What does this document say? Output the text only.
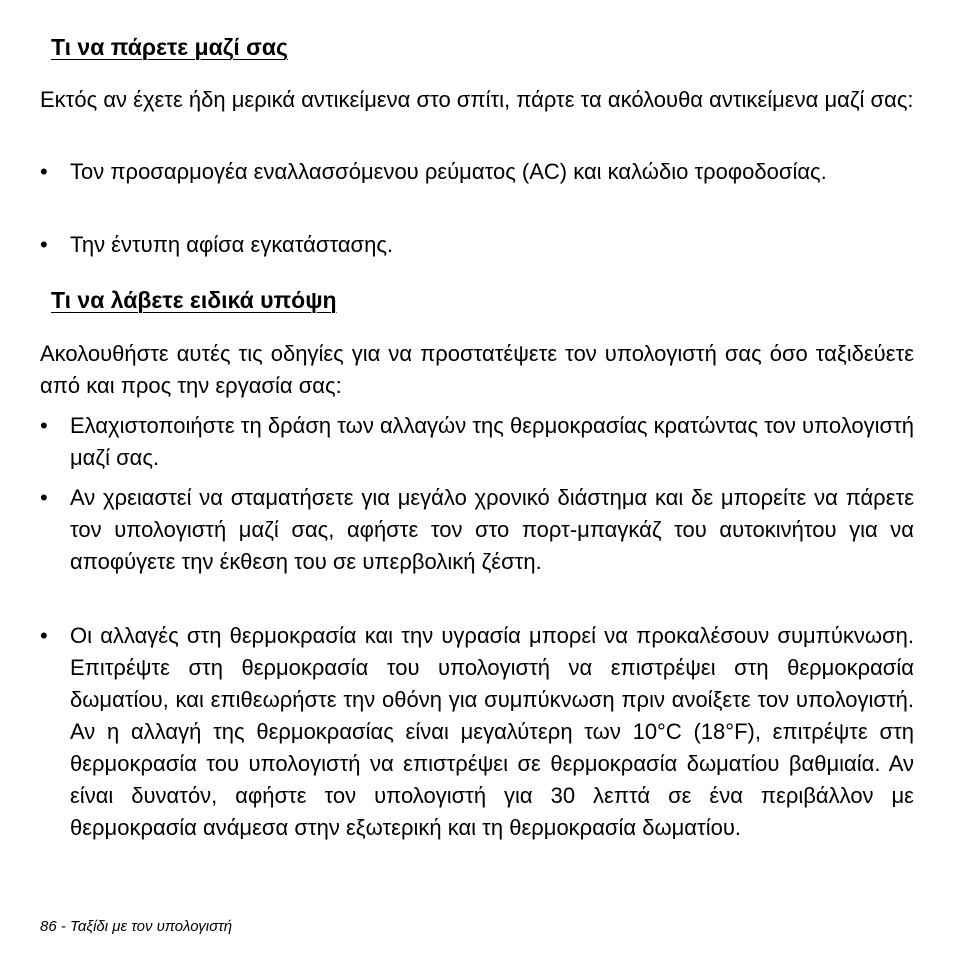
Τι να πάρετε μαζί σας

Εκτός αν έχετε ήδη μερικά αντικείμενα στο σπίτι, πάρτε τα ακόλουθα αντικείμενα μαζί σας:

•	Τον προσαρμογέα εναλλασσόμενου ρεύματος (AC) και καλώδιο τροφοδοσίας.
•	Την έντυπη αφίσα εγκατάστασης.
Τι να λάβετε ειδικά υπόψη

Ακολουθήστε αυτές τις οδηγίες για να προστατέψετε τον υπολογιστή σας όσο ταξιδεύετε από και προς την εργασία σας:

•	Ελαχιστοποιήστε τη δράση των αλλαγών της θερμοκρασίας κρατώντας τον υπολογιστή μαζί σας.
•	Αν χρειαστεί να σταματήσετε για μεγάλο χρονικό διάστημα και δε μπορείτε να πάρετε τον υπολογιστή μαζί σας, αφήστε τον στο πορτ-μπαγκάζ του αυτοκινήτου για να αποφύγετε την έκθεση του σε υπερβολική ζέστη.
•	Οι αλλαγές στη θερμοκρασία και την υγρασία μπορεί να προκαλέσουν συμπύκνωση. Επιτρέψτε στη θερμοκρασία του υπολογιστή να επιστρέψει στη θερμοκρασία δωματίου, και επιθεωρήστε την οθόνη για συμπύκνωση πριν ανοίξετε τον υπολογιστή. Αν η αλλαγή της θερμοκρασίας είναι μεγαλύτερη των 10°C (18°F), επιτρέψτε στη θερμοκρασία του υπολογιστή να επιστρέψει σε θερμοκρασία δωματίου βαθμιαία. Αν είναι δυνατόν, αφήστε τον υπολογιστή για 30 λεπτά σε ένα περιβάλλον με θερμοκρασία ανάμεσα στην εξωτερική και τη θερμοκρασία δωματίου.

86 - Ταξίδι με τον υπολογιστή
